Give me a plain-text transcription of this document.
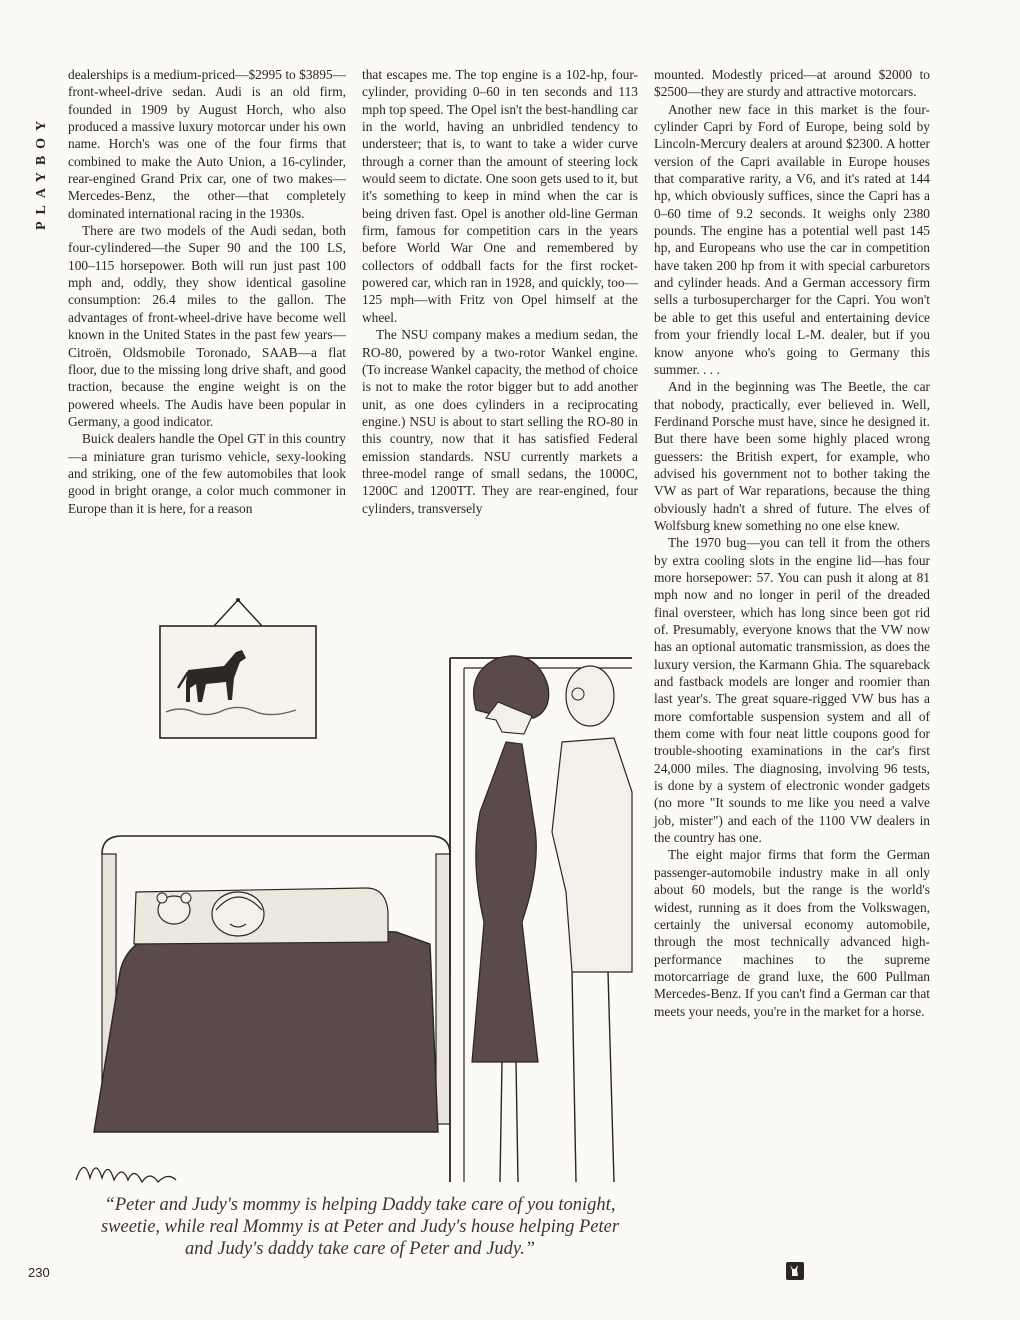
PLAYBOY

dealerships is a medium-priced—$2995 to $3895—front-wheel-drive sedan. Audi is an old firm, founded in 1909 by August Horch, who also produced a massive luxury motorcar under his own name. Horch's was one of the four firms that combined to make the Auto Union, a 16-cylinder, rear-engined Grand Prix car, one of two makes—Mercedes-Benz, the other—that completely dominated international racing in the 1930s.

There are two models of the Audi sedan, both four-cylindered—the Super 90 and the 100 LS, 100–115 horsepower. Both will run just past 100 mph and, oddly, they show identical gasoline consumption: 26.4 miles to the gallon. The advantages of front-wheel-drive have become well known in the United States in the past few years—Citroën, Oldsmobile Toronado, SAAB—a flat floor, due to the missing long drive shaft, and good traction, because the engine weight is on the powered wheels. The Audis have been popular in Germany, a good indicator.

Buick dealers handle the Opel GT in this country—a miniature gran turismo vehicle, sexy-looking and striking, one of the few automobiles that look good in bright orange, a color much commoner in Europe than it is here, for a reason

that escapes me. The top engine is a 102-hp, four-cylinder, providing 0–60 in ten seconds and 113 mph top speed. The Opel isn't the best-handling car in the world, having an unbridled tendency to understeer; that is, to want to take a wider curve through a corner than the amount of steering lock would seem to dictate. One soon gets used to it, but it's something to keep in mind when the car is being driven fast. Opel is another old-line German firm, famous for competition cars in the years before World War One and remembered by collectors of oddball facts for the first rocket-powered car, which ran in 1928, and quickly, too—125 mph—with Fritz von Opel himself at the wheel.

The NSU company makes a medium sedan, the RO-80, powered by a two-rotor Wankel engine. (To increase Wankel capacity, the method of choice is not to make the rotor bigger but to add another unit, as one does cylinders in a reciprocating engine.) NSU is about to start selling the RO-80 in this country, now that it has satisfied Federal emission standards. NSU currently markets a three-model range of small sedans, the 1000C, 1200C and 1200TT. They are rear-engined, four cylinders, transversely

mounted. Modestly priced—at around $2000 to $2500—they are sturdy and attractive motorcars.

Another new face in this market is the four-cylinder Capri by Ford of Europe, being sold by Lincoln-Mercury dealers at around $2300. A hotter version of the Capri available in Europe houses that comparative rarity, a V6, and it's rated at 144 hp, which obviously suffices, since the Capri has a 0–60 time of 9.2 seconds. It weighs only 2380 pounds. The engine has a potential well past 145 hp, and Europeans who use the car in competition have taken 200 hp from it with special carburetors and cylinder heads. And a German accessory firm sells a turbosupercharger for the Capri. You won't be able to get this useful and entertaining device from your friendly local L-M. dealer, but if you know anyone who's going to Germany this summer. . . .

And in the beginning was The Beetle, the car that nobody, practically, ever believed in. Well, Ferdinand Porsche must have, since he designed it. But there have been some highly placed wrong guessers: the British expert, for example, who advised his government not to bother taking the VW as part of War reparations, because the thing obviously hadn't a shred of future. The elves of Wolfsburg knew something no one else knew.

The 1970 bug—you can tell it from the others by extra cooling slots in the engine lid—has four more horsepower: 57. You can push it along at 81 mph now and no longer in peril of the dreaded final oversteer, which has long since been got rid of. Presumably, everyone knows that the VW now has an optional automatic transmission, as does the luxury version, the Karmann Ghia. The squareback and fastback models are longer and roomier than last year's. The great square-rigged VW bus has a more comfortable suspension system and all of them come with four neat little coupons good for trouble-shooting examinations in the car's first 24,000 miles. The diagnosing, involving 96 tests, is done by a system of electronic wonder gadgets (no more "It sounds to me like you need a valve job, mister") and each of the 1100 VW dealers in the country has one.

The eight major firms that form the German passenger-automobile industry make in all only about 60 models, but the range is the world's widest, running as it does from the Volkswagen, certainly the universal economy automobile, through the most technically advanced high-performance machines to the supreme motorcarriage de grand luxe, the 600 Pullman Mercedes-Benz. If you can't find a German car that meets your needs, you're in the market for a horse.

“Peter and Judy's mommy is helping Daddy take care of you tonight, sweetie, while real Mommy is at Peter and Judy's house helping Peter and Judy's daddy take care of Peter and Judy.”
230
